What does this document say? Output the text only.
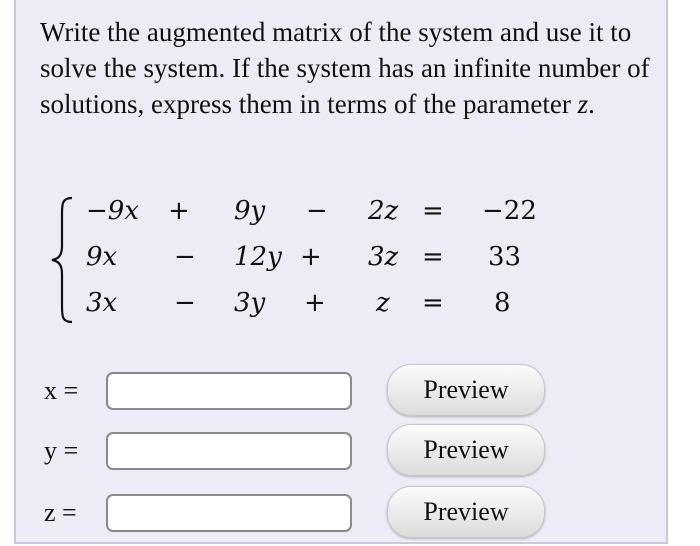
Write the augmented matrix of the system and use it to solve the system. If the system has an infinite number of solutions, express them in terms of the parameter z.

−9x + 9y − 2z = −22
9x − 12y + 3z = 33
3x − 3y + z = 8
x =	Preview
y =	Preview
z =	Preview
